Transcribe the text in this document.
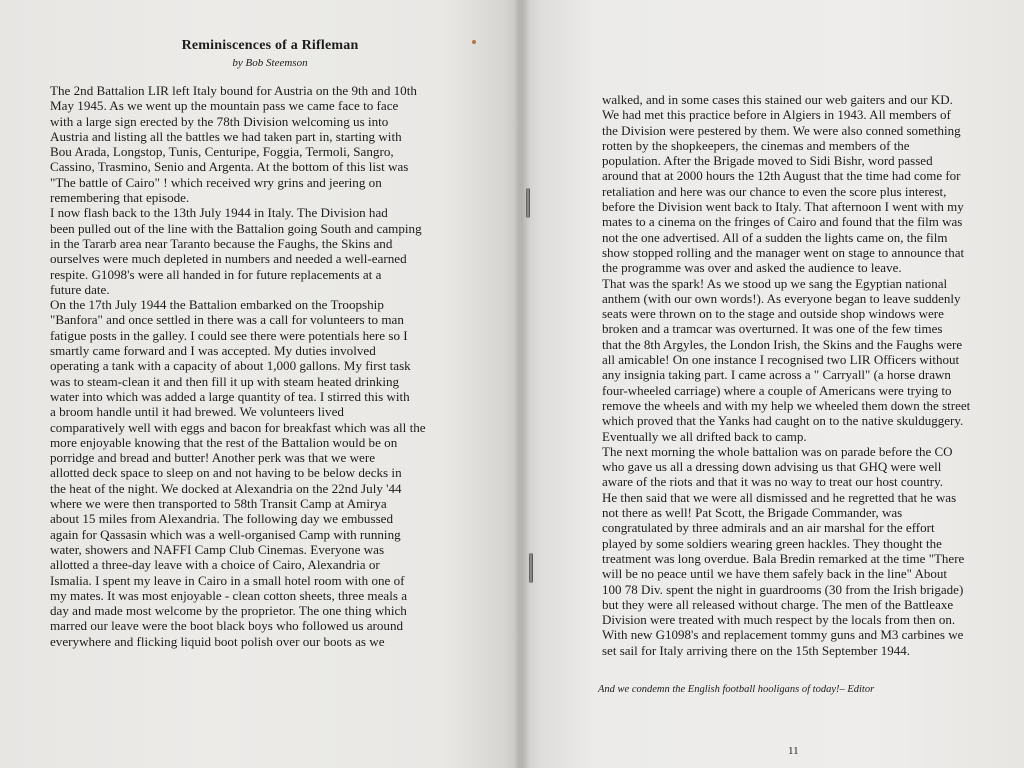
Reminiscences of a Rifleman
by Bob Steemson

The 2nd Battalion LIR left Italy bound for Austria on the 9th and 10th
May 1945. As we went up the mountain pass we came face to face
with a large sign erected by the 78th Division welcoming us into
Austria and listing all the battles we had taken part in, starting with
Bou Arada, Longstop, Tunis, Centuripe, Foggia, Termoli, Sangro,
Cassino, Trasmino, Senio and Argenta. At the bottom of this list was
"The battle of Cairo" ! which received wry grins and jeering on
remembering that episode.

I now flash back to the 13th July 1944 in Italy. The Division had
been pulled out of the line with the Battalion going South and camping
in the Tararb area near Taranto because the Faughs, the Skins and
ourselves were much depleted in numbers and needed a well-earned
respite. G1098's were all handed in for future replacements at a
future date.

On the 17th July 1944 the Battalion embarked on the Troopship
"Banfora" and once settled in there was a call for volunteers to man
fatigue posts in the galley. I could see there were potentials here so I
smartly came forward and I was accepted. My duties involved
operating a tank with a capacity of about 1,000 gallons. My first task
was to steam-clean it and then fill it up with steam heated drinking
water into which was added a large quantity of tea. I stirred this with
a broom handle until it had brewed. We volunteers lived
comparatively well with eggs and bacon for breakfast which was all the
more enjoyable knowing that the rest of the Battalion would be on
porridge and bread and butter! Another perk was that we were
allotted deck space to sleep on and not having to be below decks in
the heat of the night. We docked at Alexandria on the 22nd July '44
where we were then transported to 58th Transit Camp at Amirya
about 15 miles from Alexandria. The following day we embussed
again for Qassasin which was a well-organised Camp with running
water, showers and NAFFI Camp Club Cinemas. Everyone was
allotted a three-day leave with a choice of Cairo, Alexandria or
Ismalia. I spent my leave in Cairo in a small hotel room with one of
my mates. It was most enjoyable - clean cotton sheets, three meals a
day and made most welcome by the proprietor. The one thing which
marred our leave were the boot black boys who followed us around
everywhere and flicking liquid boot polish over our boots as we

walked, and in some cases this stained our web gaiters and our KD.
We had met this practice before in Algiers in 1943. All members of
the Division were pestered by them. We were also conned something
rotten by the shopkeepers, the cinemas and members of the
population. After the Brigade moved to Sidi Bishr, word passed
around that at 2000 hours the 12th August that the time had come for
retaliation and here was our chance to even the score plus interest,
before the Division went back to Italy. That afternoon I went with my
mates to a cinema on the fringes of Cairo and found that the film was
not the one advertised. All of a sudden the lights came on, the film
show stopped rolling and the manager went on stage to announce that
the programme was over and asked the audience to leave.

That was the spark! As we stood up we sang the Egyptian national
anthem (with our own words!). As everyone began to leave suddenly
seats were thrown on to the stage and outside shop windows were
broken and a tramcar was overturned. It was one of the few times
that the 8th Argyles, the London Irish, the Skins and the Faughs were
all amicable! On one instance I recognised two LIR Officers without
any insignia taking part. I came across a " Carryall" (a horse drawn
four-wheeled carriage) where a couple of Americans were trying to
remove the wheels and with my help we wheeled them down the street
which proved that the Yanks had caught on to the native skulduggery.
Eventually we all drifted back to camp.

The next morning the whole battalion was on parade before the CO
who gave us all a dressing down advising us that GHQ were well
aware of the riots and that it was no way to treat our host country.
He then said that we were all dismissed and he regretted that he was
not there as well! Pat Scott, the Brigade Commander, was
congratulated by three admirals and an air marshal for the effort
played by some soldiers wearing green hackles. They thought the
treatment was long overdue. Bala Bredin remarked at the time "There
will be no peace until we have them safely back in the line" About
100 78 Div. spent the night in guardrooms (30 from the Irish brigade)
but they were all released without charge. The men of the Battleaxe
Division were treated with much respect by the locals from then on.
With new G1098's and replacement tommy guns and M3 carbines we
set sail for Italy arriving there on the 15th September 1944.

And we condemn the English football hooligans of today!– Editor
11
